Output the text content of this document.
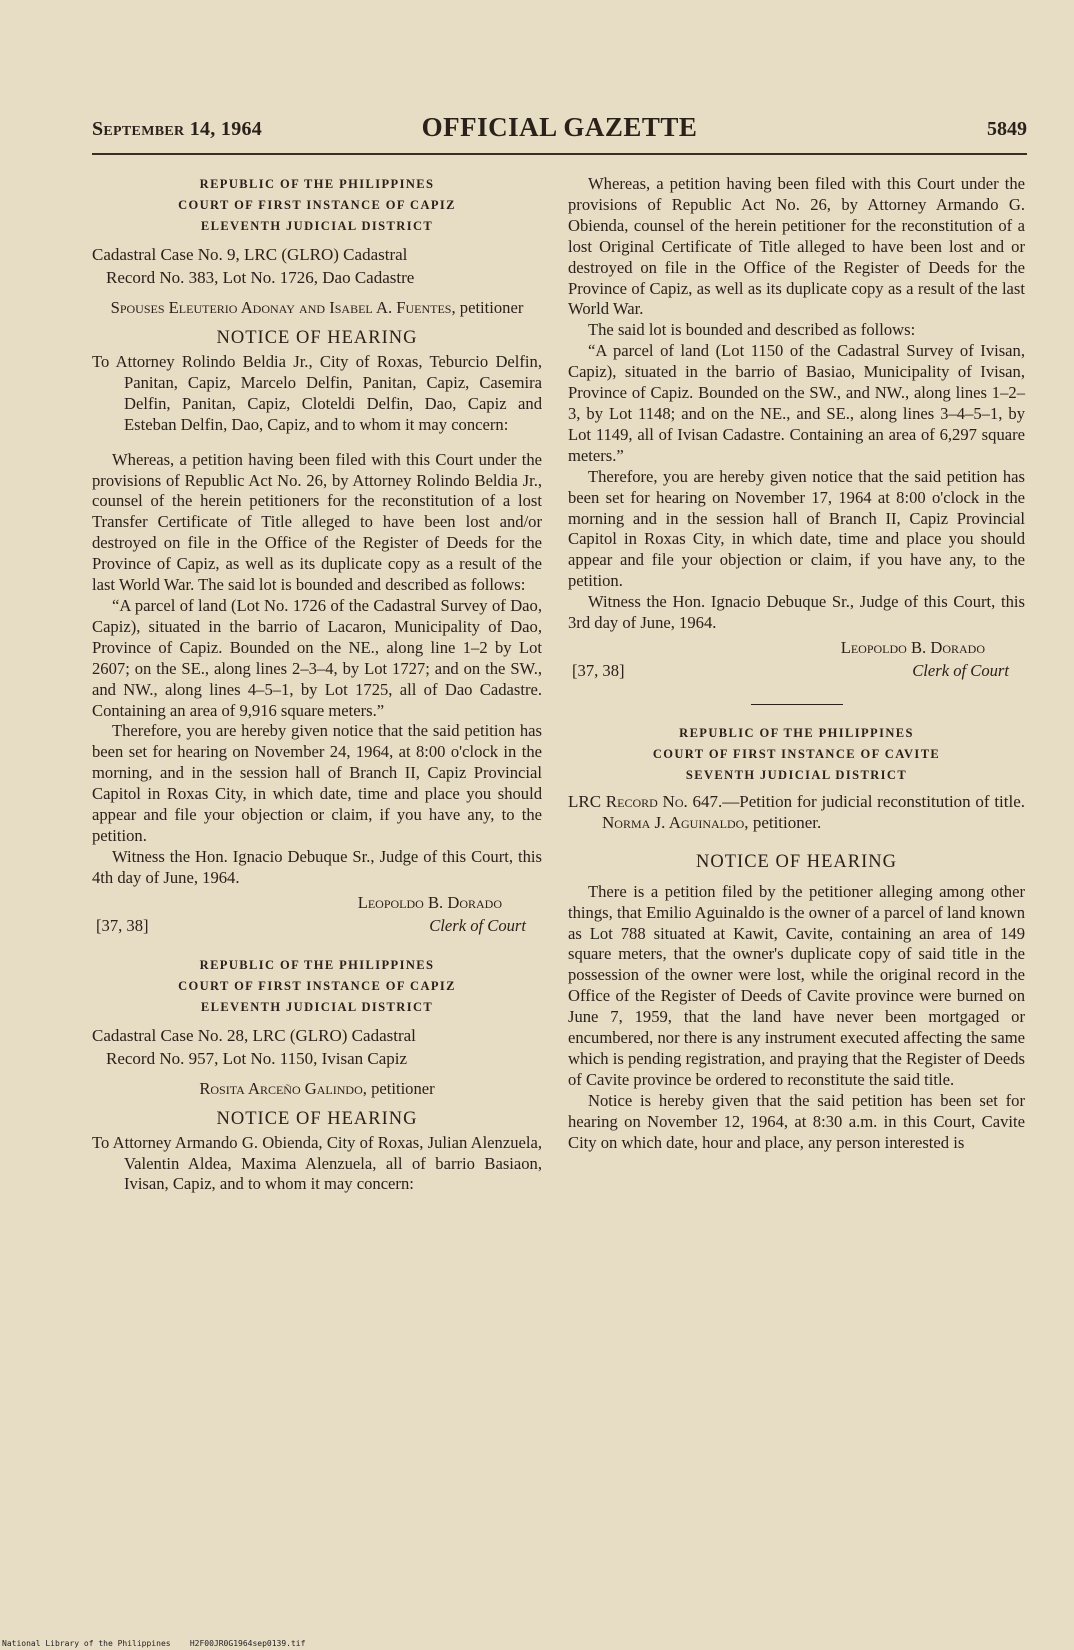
September 14, 1964	OFFICIAL GAZETTE	5849
REPUBLIC OF THE PHILIPPINES
COURT OF FIRST INSTANCE OF CAPIZ
ELEVENTH JUDICIAL DISTRICT
Cadastral Case No. 9, LRC (GLRO) Cadastral
Record No. 383, Lot No. 1726, Dao Cadastre
Spouses Eleuterio Adonay and Isabel A. Fuentes, petitioner
NOTICE OF HEARING

To Attorney Rolindo Beldia Jr., City of Roxas, Teburcio Delfin, Panitan, Capiz, Marcelo Delfin, Panitan, Capiz, Casemira Delfin, Panitan, Capiz, Cloteldi Delfin, Dao, Capiz and Esteban Delfin, Dao, Capiz, and to whom it may concern:

Whereas, a petition having been filed with this Court under the provisions of Republic Act No. 26, by Attorney Rolindo Beldia Jr., counsel of the herein petitioners for the reconstitution of a lost Transfer Certificate of Title alleged to have been lost and/or destroyed on file in the Office of the Register of Deeds for the Province of Capiz, as well as its duplicate copy as a result of the last World War. The said lot is bounded and described as follows:

“A parcel of land (Lot No. 1726 of the Cadastral Survey of Dao, Capiz), situated in the barrio of Lacaron, Municipality of Dao, Province of Capiz. Bounded on the NE., along line 1–2 by Lot 2607; on the SE., along lines 2–3–4, by Lot 1727; and on the SW., and NW., along lines 4–5–1, by Lot 1725, all of Dao Cadastre. Containing an area of 9,916 square meters.”

Therefore, you are hereby given notice that the said petition has been set for hearing on November 24, 1964, at 8:00 o'clock in the morning, and in the session hall of Branch II, Capiz Provincial Capitol in Roxas City, in which date, time and place you should appear and file your objection or claim, if you have any, to the petition.

Witness the Hon. Ignacio Debuque Sr., Judge of this Court, this 4th day of June, 1964.

Leopoldo B. Dorado
[37, 38]	Clerk of Court
REPUBLIC OF THE PHILIPPINES
COURT OF FIRST INSTANCE OF CAPIZ
ELEVENTH JUDICIAL DISTRICT
Cadastral Case No. 28, LRC (GLRO) Cadastral
Record No. 957, Lot No. 1150, Ivisan Capiz
Rosita Arceño Galindo, petitioner
NOTICE OF HEARING

To Attorney Armando G. Obienda, City of Roxas, Julian Alenzuela, Valentin Aldea, Maxima Alenzuela, all of barrio Basiaon, Ivisan, Capiz, and to whom it may concern:

Whereas, a petition having been filed with this Court under the provisions of Republic Act No. 26, by Attorney Armando G. Obienda, counsel of the herein petitioner for the reconstitution of a lost Original Certificate of Title alleged to have been lost and or destroyed on file in the Office of the Register of Deeds for the Province of Capiz, as well as its duplicate copy as a result of the last World War.

The said lot is bounded and described as follows:

“A parcel of land (Lot 1150 of the Cadastral Survey of Ivisan, Capiz), situated in the barrio of Basiao, Municipality of Ivisan, Province of Capiz. Bounded on the SW., and NW., along lines 1–2–3, by Lot 1148; and on the NE., and SE., along lines 3–4–5–1, by Lot 1149, all of Ivisan Cadastre. Containing an area of 6,297 square meters.”

Therefore, you are hereby given notice that the said petition has been set for hearing on November 17, 1964 at 8:00 o'clock in the morning and in the session hall of Branch II, Capiz Provincial Capitol in Roxas City, in which date, time and place you should appear and file your objection or claim, if you have any, to the petition.

Witness the Hon. Ignacio Debuque Sr., Judge of this Court, this 3rd day of June, 1964.

Leopoldo B. Dorado
[37, 38]	Clerk of Court
REPUBLIC OF THE PHILIPPINES
COURT OF FIRST INSTANCE OF CAVITE
SEVENTH JUDICIAL DISTRICT

LRC Record No. 647.—Petition for judicial reconstitution of title. Norma J. Aguinaldo, petitioner.

NOTICE OF HEARING

There is a petition filed by the petitioner alleging among other things, that Emilio Aguinaldo is the owner of a parcel of land known as Lot 788 situated at Kawit, Cavite, containing an area of 149 square meters, that the owner's duplicate copy of said title in the possession of the owner were lost, while the original record in the Office of the Register of Deeds of Cavite province were burned on June 7, 1959, that the land have never been mortgaged or encumbered, nor there is any instrument executed affecting the same which is pending registration, and praying that the Register of Deeds of Cavite province be ordered to reconstitute the said title.

Notice is hereby given that the said petition has been set for hearing on November 12, 1964, at 8:30 a.m. in this Court, Cavite City on which date, hour and place, any person interested is

National Library of the Philippines    H2F00JR0G1964sep0139.tif
